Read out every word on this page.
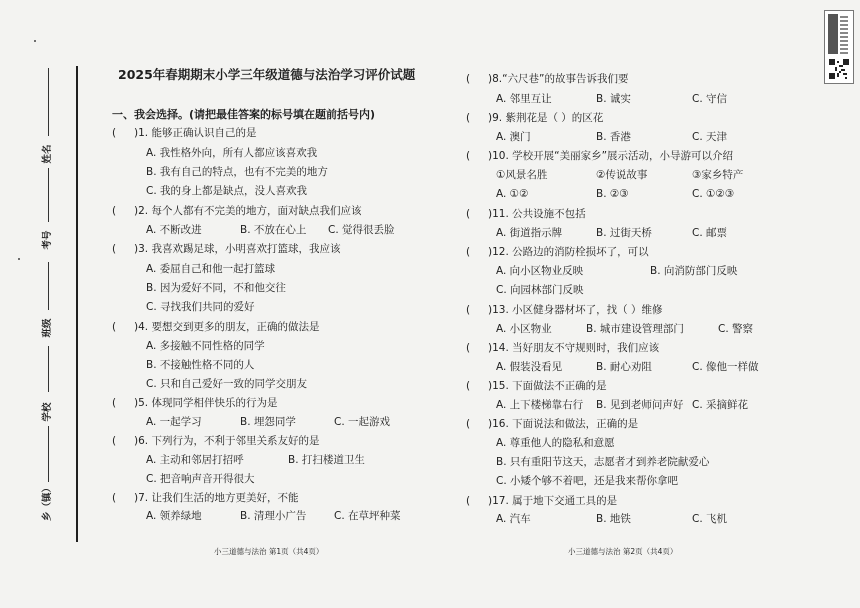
姓名
考号
班级
学校
乡（镇）
2025年春期期末小学三年级道德与法治学习评价试题
一、我会选择。(请把最佳答案的标号填在题前括号内)
( )1. 能够正确认识自己的是
A. 我性格外向，所有人都应该喜欢我
B. 我有自己的特点，也有不完美的地方
C. 我的身上都是缺点，没人喜欢我
( )2. 每个人都有不完美的地方，面对缺点我们应该
A. 不断改进	B. 不放在心上 C. 觉得很丢脸
( )3. 我喜欢踢足球，小明喜欢打篮球，我应该
A. 委屈自己和他一起打篮球
B. 因为爱好不同，不和他交往
C. 寻找我们共同的爱好
( )4. 要想交到更多的朋友，正确的做法是
A. 多接触不同性格的同学
B. 不接触性格不同的人
C. 只和自己爱好一致的同学交朋友
( )5. 体现同学相伴快乐的行为是
A. 一起学习	B. 埋怨同学	C. 一起游戏
( )6. 下列行为，不利于邻里关系友好的是
A. 主动和邻居打招呼	B. 打扫楼道卫生
C. 把音响声音开得很大
( )7. 让我们生活的地方更美好，不能
A. 领养绿地	B. 清理小广告	C. 在草坪种菜
小三道德与法治 第1页（共4页）
( )8.“六尺巷”的故事告诉我们要
A. 邻里互让	B. 诚实	C. 守信
( )9. 紫荆花是（ ）的区花
A. 澳门	B. 香港	C. 天津
( )10. 学校开展“美丽家乡”展示活动，小导游可以介绍
①风景名胜	②传说故事	③家乡特产
A. ①②	B. ②③	C. ①②③
( )11. 公共设施不包括
A. 街道指示牌	B. 过街天桥	C. 邮票
( )12. 公路边的消防栓损坏了，可以
A. 向小区物业反映	B. 向消防部门反映
C. 向园林部门反映
( )13. 小区健身器材坏了，找（ ）维修
A. 小区物业	B. 城市建设管理部门	C. 警察
( )14. 当好朋友不守规则时，我们应该
A. 假装没看见	B. 耐心劝阻	C. 像他一样做
( )15. 下面做法不正确的是
A. 上下楼梯靠右行 B. 见到老师问声好 C. 采摘鲜花
( )16. 下面说法和做法，正确的是
A. 尊重他人的隐私和意愿
B. 只有重阳节这天，志愿者才到养老院献爱心
C. 小矮个够不着吧，还是我来帮你拿吧
( )17. 属于地下交通工具的是
A. 汽车	B. 地铁	C. 飞机
小三道德与法治 第2页（共4页）
